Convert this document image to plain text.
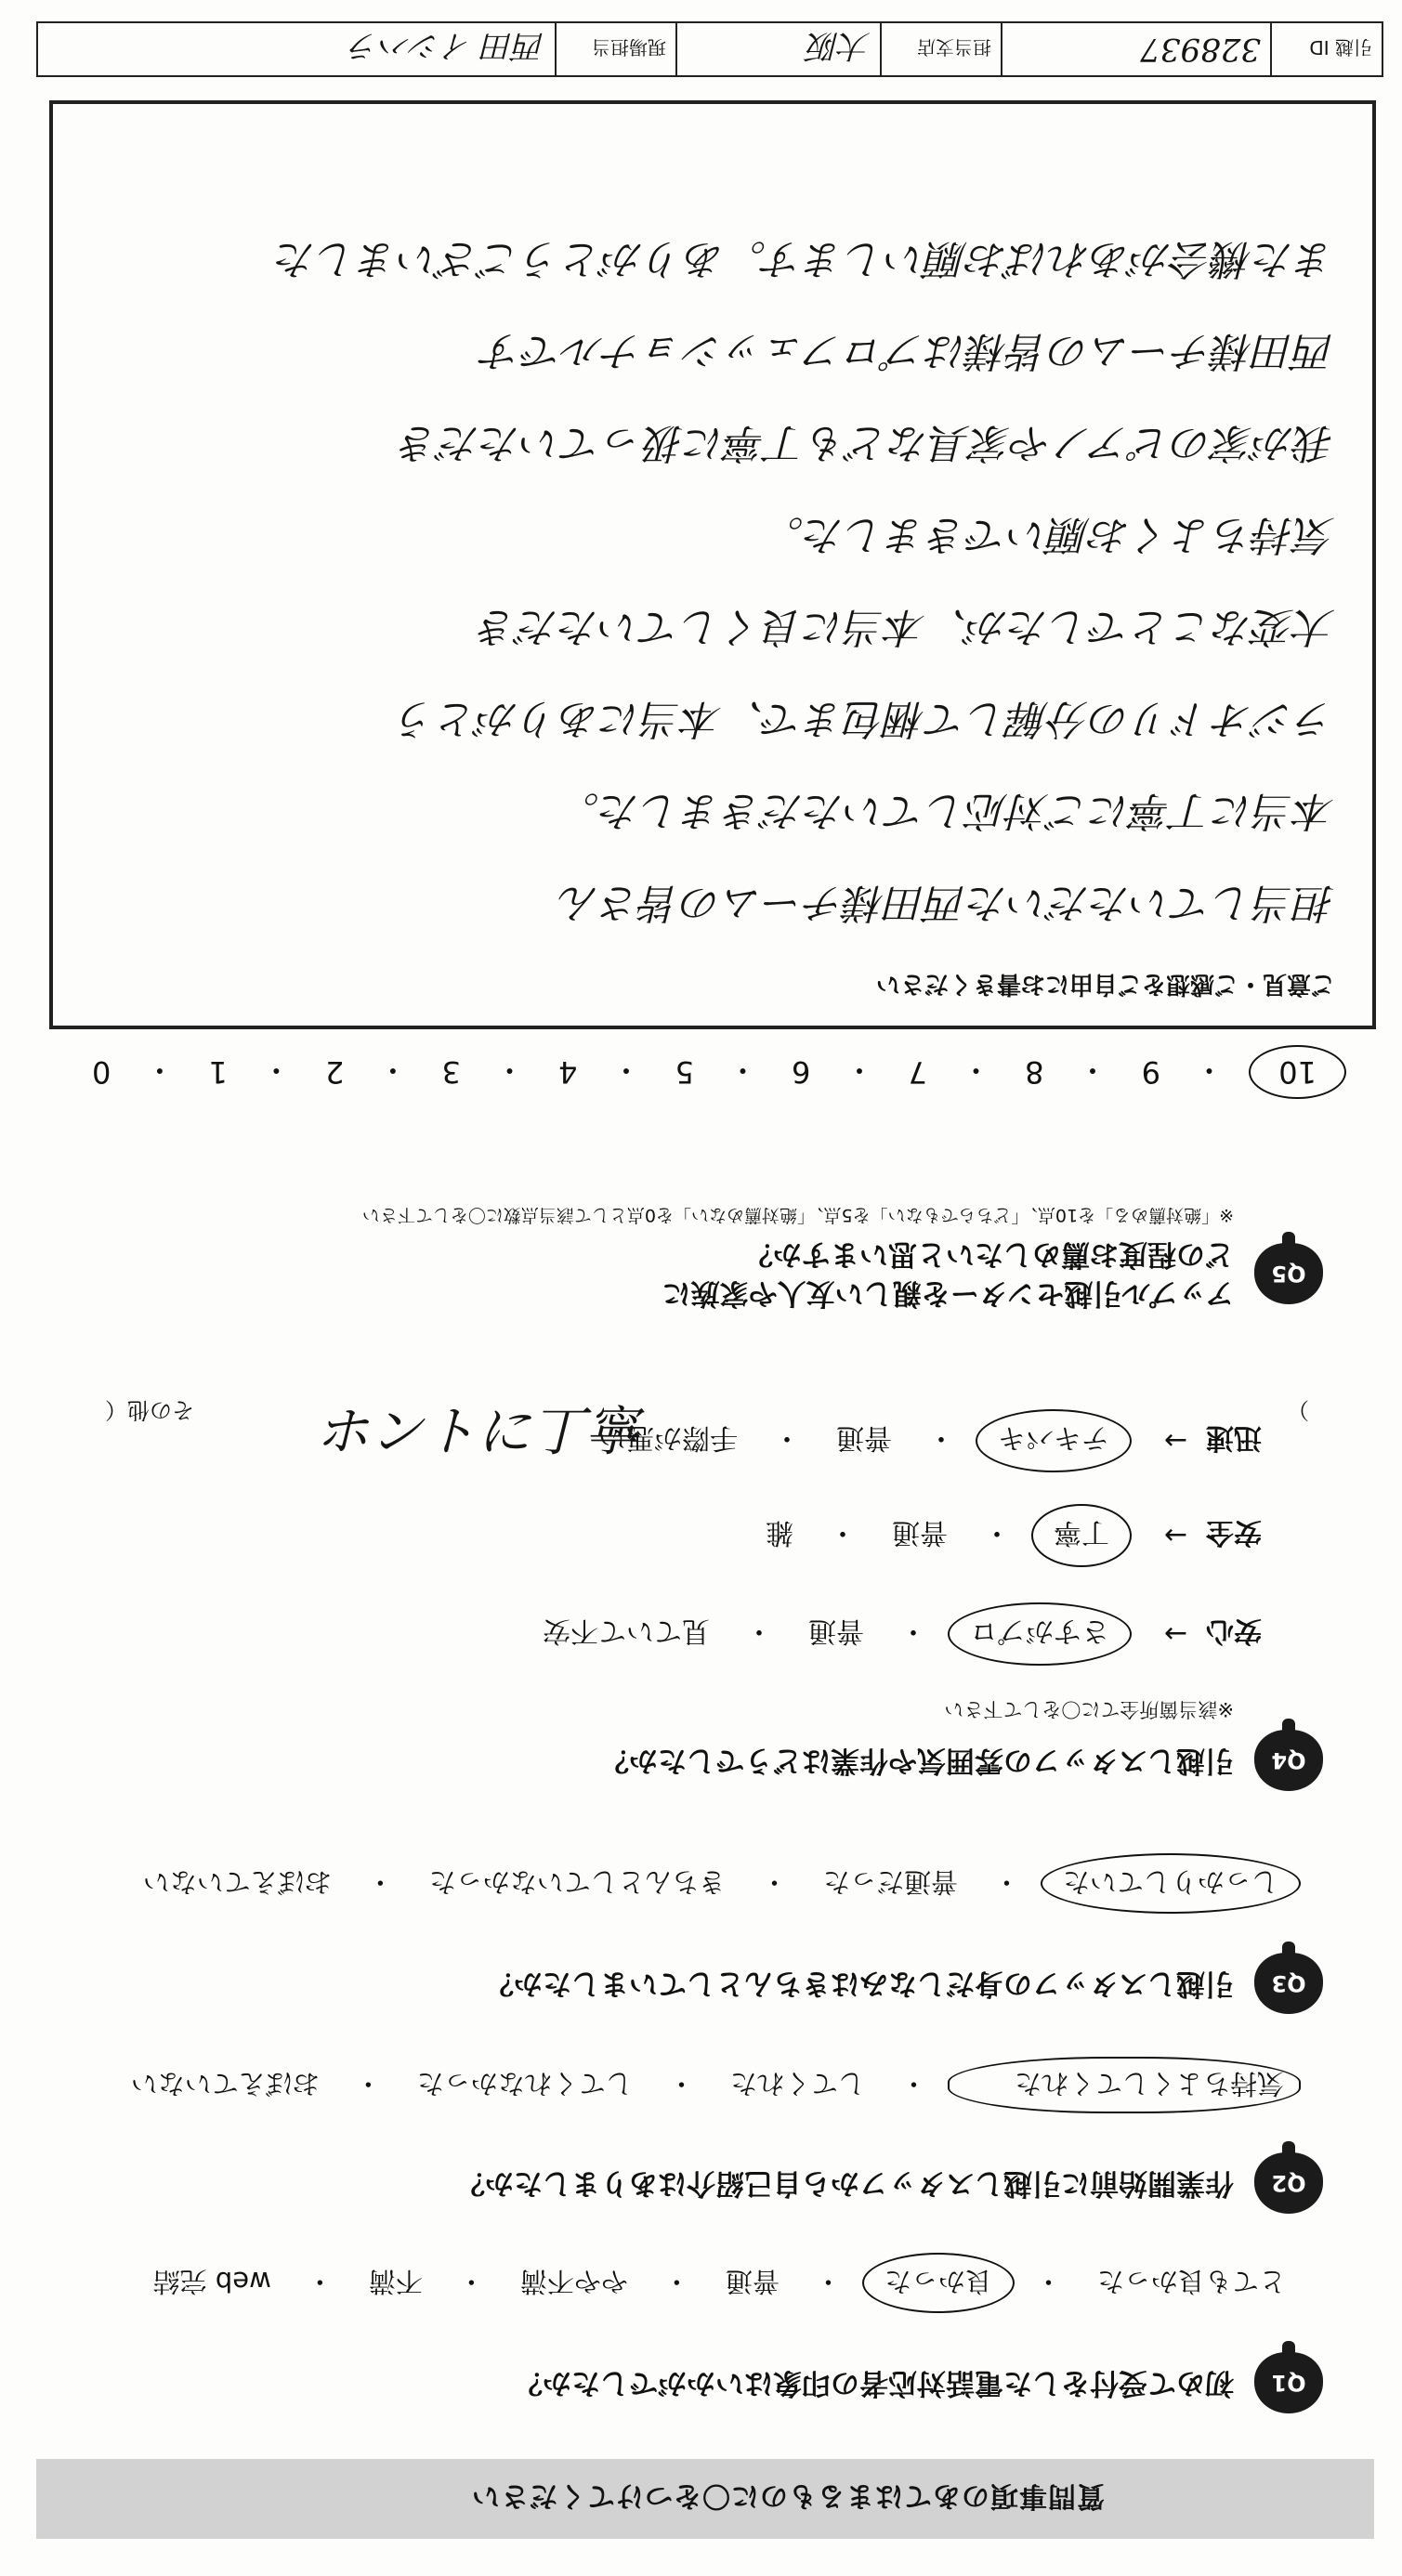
質問事項のあてはまるものに〇をつけてください
Q1
初めて受付をした電話対応者の印象はいかがでしたか？
とても良かった
・
良かった
・
普通
・
やや不満
・
不満
・
web 完結
Q2
作業開始前に引越しスタッフから自己紹介はありましたか？
気持ちよくしてくれた
・
してくれた
・
してくれなかった
・
おぼえていない
Q3
引越しスタッフの身だしなみはきちんとしていましたか？
しっかりしていた
・
普通だった
・
きちんとしていなかった
・
おぼえていない
Q4
引越しスタッフの雰囲気や作業はどうでしたか？
※該当箇所全てに〇をして下さい
安心
→
さすがプロ
・
普通
・
見ていて不安
安全
→
丁寧
・
普通
・
雑
迅速
→
テキパキ
・
普通
・
手際が悪い
その他（ ホントに丁寧	）
Q5
アップル引越センターを親しい友人や家族に
どの程度お薦めしたいと思いますか？
※「絶対薦める」を10点、「どちらでもない」を5点、「絶対薦めない」を0点として該当点数に〇をして下さい
10
・
9
・
8
・
7
・
6
・
5
・
4
・
3
・
2
・
1
・
0
ご意見・ご感想をご自由にお書きください
担当していただいた西田様チームの皆さん
本当に丁寧にご対応していただきました。
ラジオドリの分解して梱包まで、本当にありがとう
大変なことでしたが、本当に良くしていただき
気持ちよくお願いできました。
我が家のピアノや家具なども丁寧に扱っていただき
西田様チームの皆様はプロフェッショナルです
また機会があればお願いします。ありがとうございました
引越 ID
328937
担当支店
大阪
現場担当
西田 イシハラ
